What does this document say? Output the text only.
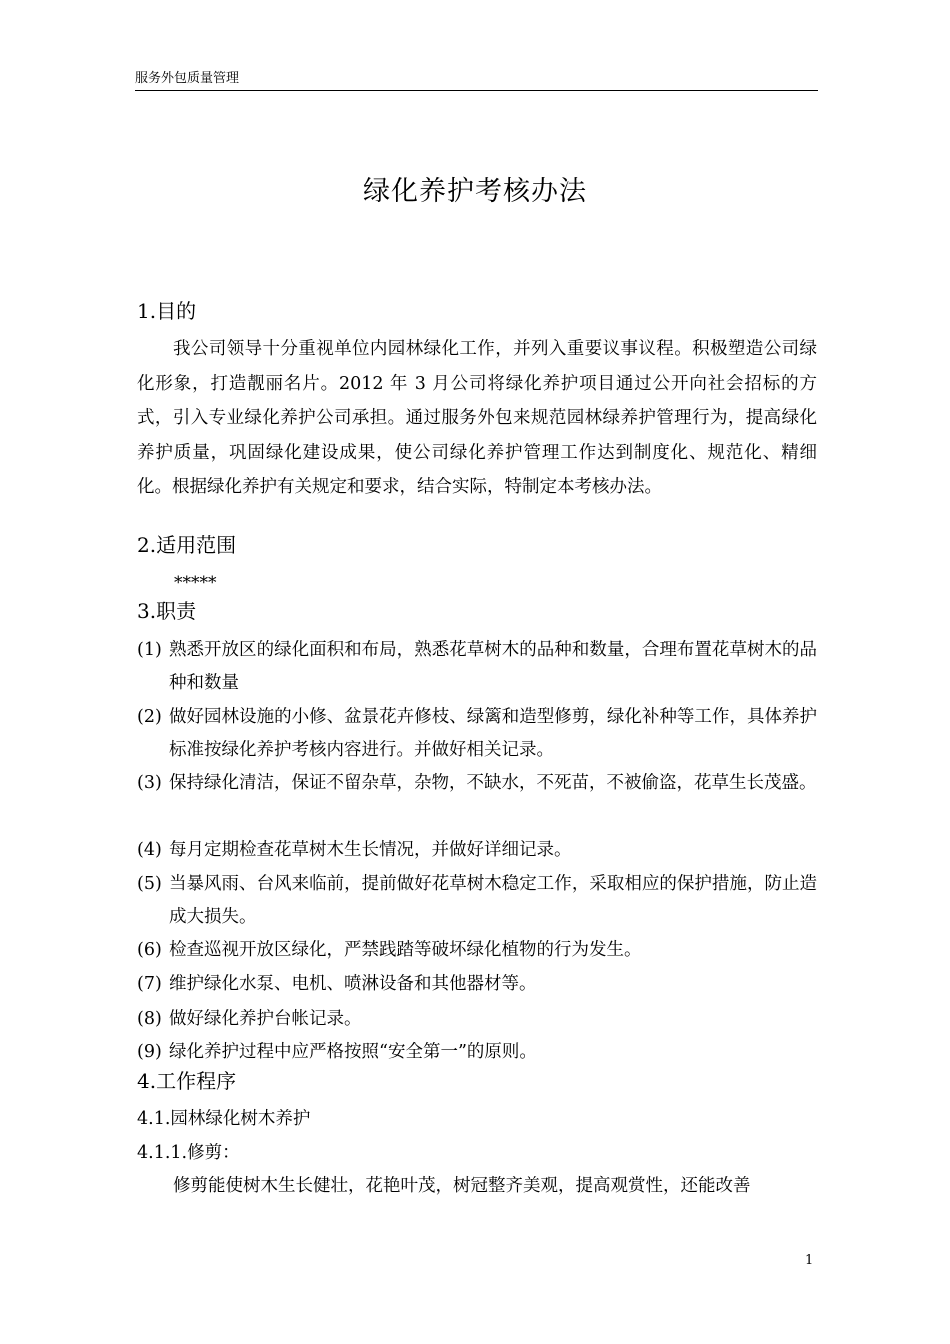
服务外包质量管理
绿化养护考核办法
1.目的
我公司领导十分重视单位内园林绿化工作，并列入重要议事议程。积极塑造公司绿化形象，打造靓丽名片。2012 年 3 月公司将绿化养护项目通过公开向社会招标的方式，引入专业绿化养护公司承担。通过服务外包来规范园林绿养护管理行为，提高绿化养护质量，巩固绿化建设成果，使公司绿化养护管理工作达到制度化、规范化、精细化。根据绿化养护有关规定和要求，结合实际，特制定本考核办法。
2.适用范围
*****
3.职责
(1) 熟悉开放区的绿化面积和布局，熟悉花草树木的品种和数量，合理布置花草树木的品种和数量
(2) 做好园林设施的小修、盆景花卉修枝、绿篱和造型修剪，绿化补种等工作，具体养护标准按绿化养护考核内容进行。并做好相关记录。
(3) 保持绿化清洁，保证不留杂草，杂物，不缺水，不死苗，不被偷盗，花草生长茂盛。
(4) 每月定期检查花草树木生长情况，并做好详细记录。
(5) 当暴风雨、台风来临前，提前做好花草树木稳定工作，采取相应的保护措施，防止造成大损失。
(6) 检查巡视开放区绿化，严禁践踏等破坏绿化植物的行为发生。
(7) 维护绿化水泵、电机、喷淋设备和其他器材等。
(8) 做好绿化养护台帐记录。
(9) 绿化养护过程中应严格按照“安全第一”的原则。
4.工作程序
4.1.园林绿化树木养护
4.1.1.修剪：
修剪能使树木生长健壮，花艳叶茂，树冠整齐美观，提高观赏性，还能改善
1
